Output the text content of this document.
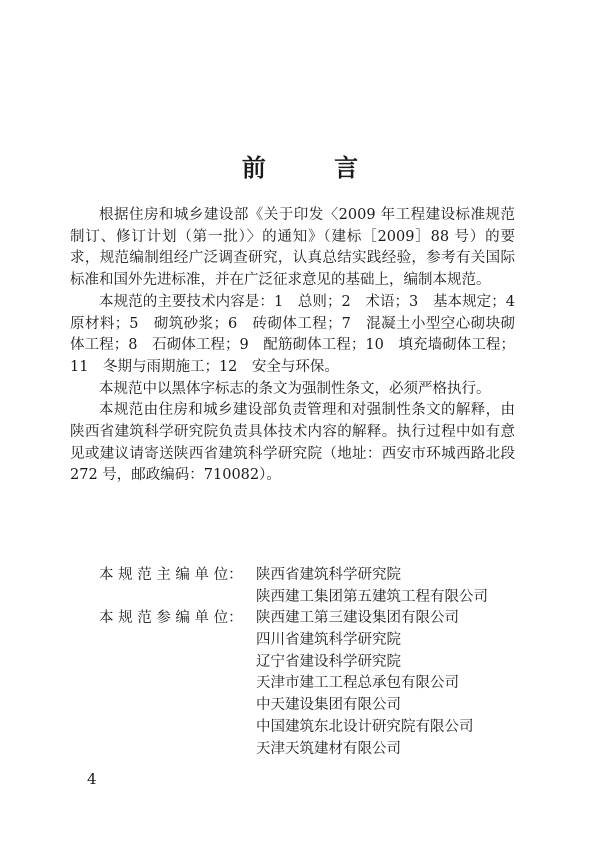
前 言

根据住房和城乡建设部《关于印发〈2009 年工程建设标准规范制订、修订计划（第一批）〉的通知》（建标［2009］88 号）的要求，规范编制组经广泛调查研究，认真总结实践经验，参考有关国际标准和国外先进标准，并在广泛征求意见的基础上，编制本规范。

本规范的主要技术内容是：1　总则；2　术语；3　基本规定；4　原材料；5　砌筑砂浆；6　砖砌体工程；7　混凝土小型空心砌块砌体工程；8　石砌体工程；9　配筋砌体工程；10　填充墙砌体工程；11　冬期与雨期施工；12　安全与环保。

本规范中以黑体字标志的条文为强制性条文，必须严格执行。

本规范由住房和城乡建设部负责管理和对强制性条文的解释，由陕西省建筑科学研究院负责具体技术内容的解释。执行过程中如有意见或建议请寄送陕西省建筑科学研究院（地址：西安市环城西路北段 272 号，邮政编码：710082）。

本 规 范 主 编 单 位： 陕西省建筑科学研究院
陕西建工集团第五建筑工程有限公司
本 规 范 参 编 单 位： 陕西建工第三建设集团有限公司
四川省建筑科学研究院
辽宁省建设科学研究院
天津市建工工程总承包有限公司
中天建设集团有限公司
中国建筑东北设计研究院有限公司
天津天筑建材有限公司
4
